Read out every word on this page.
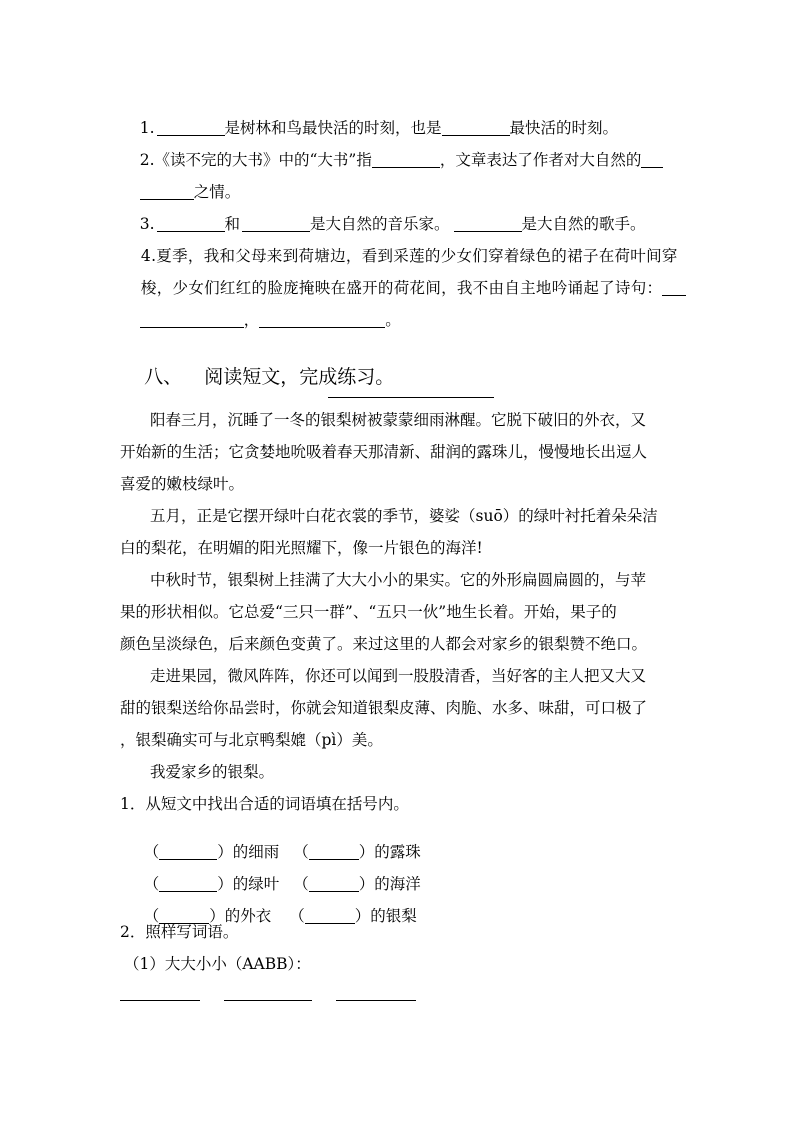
1.	是树林和鸟最快活的时刻，也是	最快活的时刻。

2.《读不完的大书》中的“大书”指	，文章表达了作者对大自然的

之情。

3.	和	是大自然的音乐家。	是大自然的歌手。

4.夏季，我和父母来到荷塘边，看到采莲的少女们穿着绿色的裙子在荷叶间穿

梭，少女们红红的脸庞掩映在盛开的荷花间，我不由自主地吟诵起了诗句：

，	。

八、 阅读短文，完成练习。

阳春三月，沉睡了一冬的银梨树被蒙蒙细雨淋醒。它脱下破旧的外衣，又
开始新的生活；它贪婪地吮吸着春天那清新、甜润的露珠儿，慢慢地长出逗人
喜爱的嫩枝绿叶。
五月，正是它摆开绿叶白花衣裳的季节，婆娑（suō）的绿叶衬托着朵朵洁
白的梨花，在明媚的阳光照耀下，像一片银色的海洋!
中秋时节，银梨树上挂满了大大小小的果实。它的外形扁圆扁圆的，与苹
果的形状相似。它总爱“三只一群”、“五只一伙”地生长着。开始，果子的
颜色呈淡绿色，后来颜色变黄了。来过这里的人都会对家乡的银梨赞不绝口。
走进果园，微风阵阵，你还可以闻到一股股清香，当好客的主人把又大又
甜的银梨送给你品尝时，你就会知道银梨皮薄、肉脆、水多、味甜，可口极了
，银梨确实可与北京鸭梨媲（pì）美。
我爱家乡的银梨。
1．从短文中找出合适的词语填在括号内。

（	）的细雨 （	）的露珠

（	）的绿叶 （	）的海洋

（	）的外衣 （	）的银梨

2．照样写词语。
（1）大大小小（AABB）：
